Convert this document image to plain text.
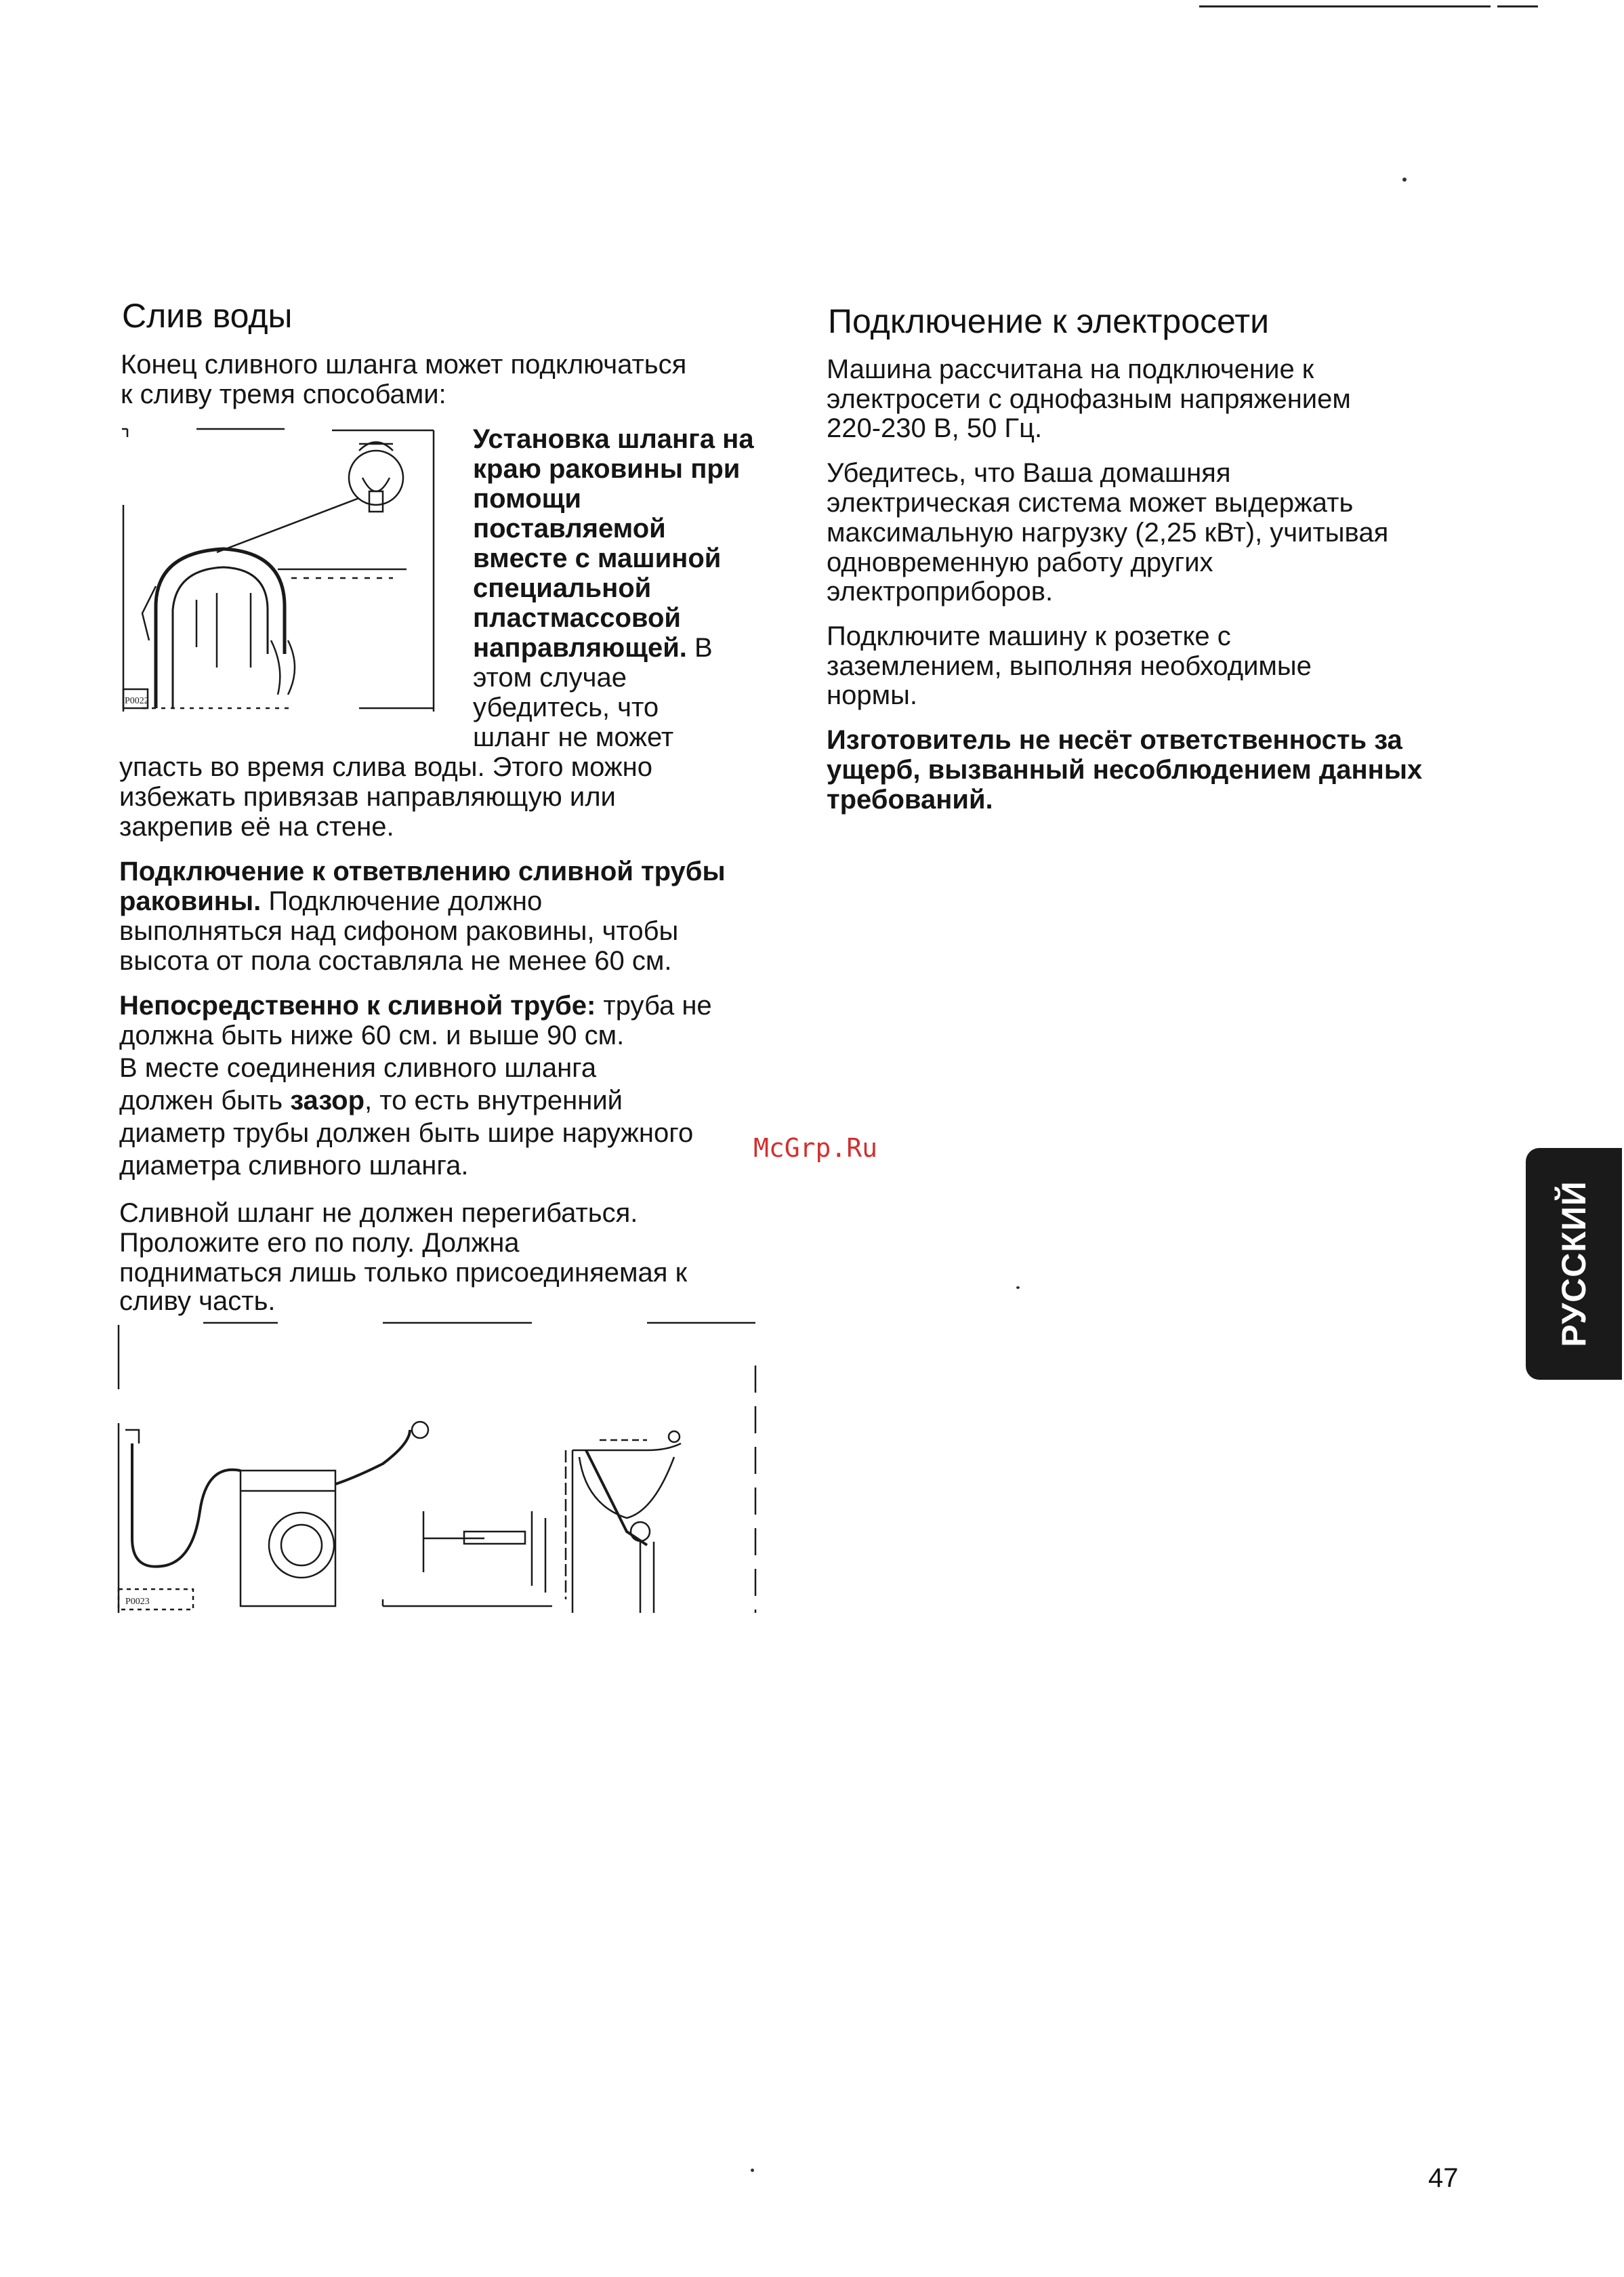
Слив воды
Конец сливного шланга может подключаться
к сливу тремя способами:
P0022
Установка шланга на
краю раковины при
помощи
поставляемой
вместе с машиной
специальной
пластмассовой
направляющей. В
этом случае
убедитесь, что
шланг не может
упасть во время слива воды. Этого можно
избежать привязав направляющую или
закрепив её на стене.
Подключение к ответвлению сливной трубы
раковины. Подключение должно
выполняться над сифоном раковины, чтобы
высота от пола составляла не менее 60 см.
Непосредственно к сливной трубе: труба не
должна быть ниже 60 см. и выше 90 см.
В месте соединения сливного шланга
должен быть зазор, то есть внутренний
диаметр трубы должен быть шире наружного
диаметра сливного шланга.
McGrp.Ru
Сливной шланг не должен перегибаться.
Проложите его по полу. Должна
подниматься лишь только присоединяемая к
сливу часть.
P0023
Подключение к электросети
Машина рассчитана на подключение к
электросети с однофазным напряжением
220-230 В, 50 Гц.
Убедитесь, что Ваша домашняя
электрическая система может выдержать
максимальную нагрузку (2,25 кВт), учитывая
одновременную работу других
электроприборов.
Подключите машину к розетке с
заземлением, выполняя необходимые
нормы.
Изготовитель не несёт ответственность за
ущерб, вызванный несоблюдением данных
требований.
РУССКИЙ
47
